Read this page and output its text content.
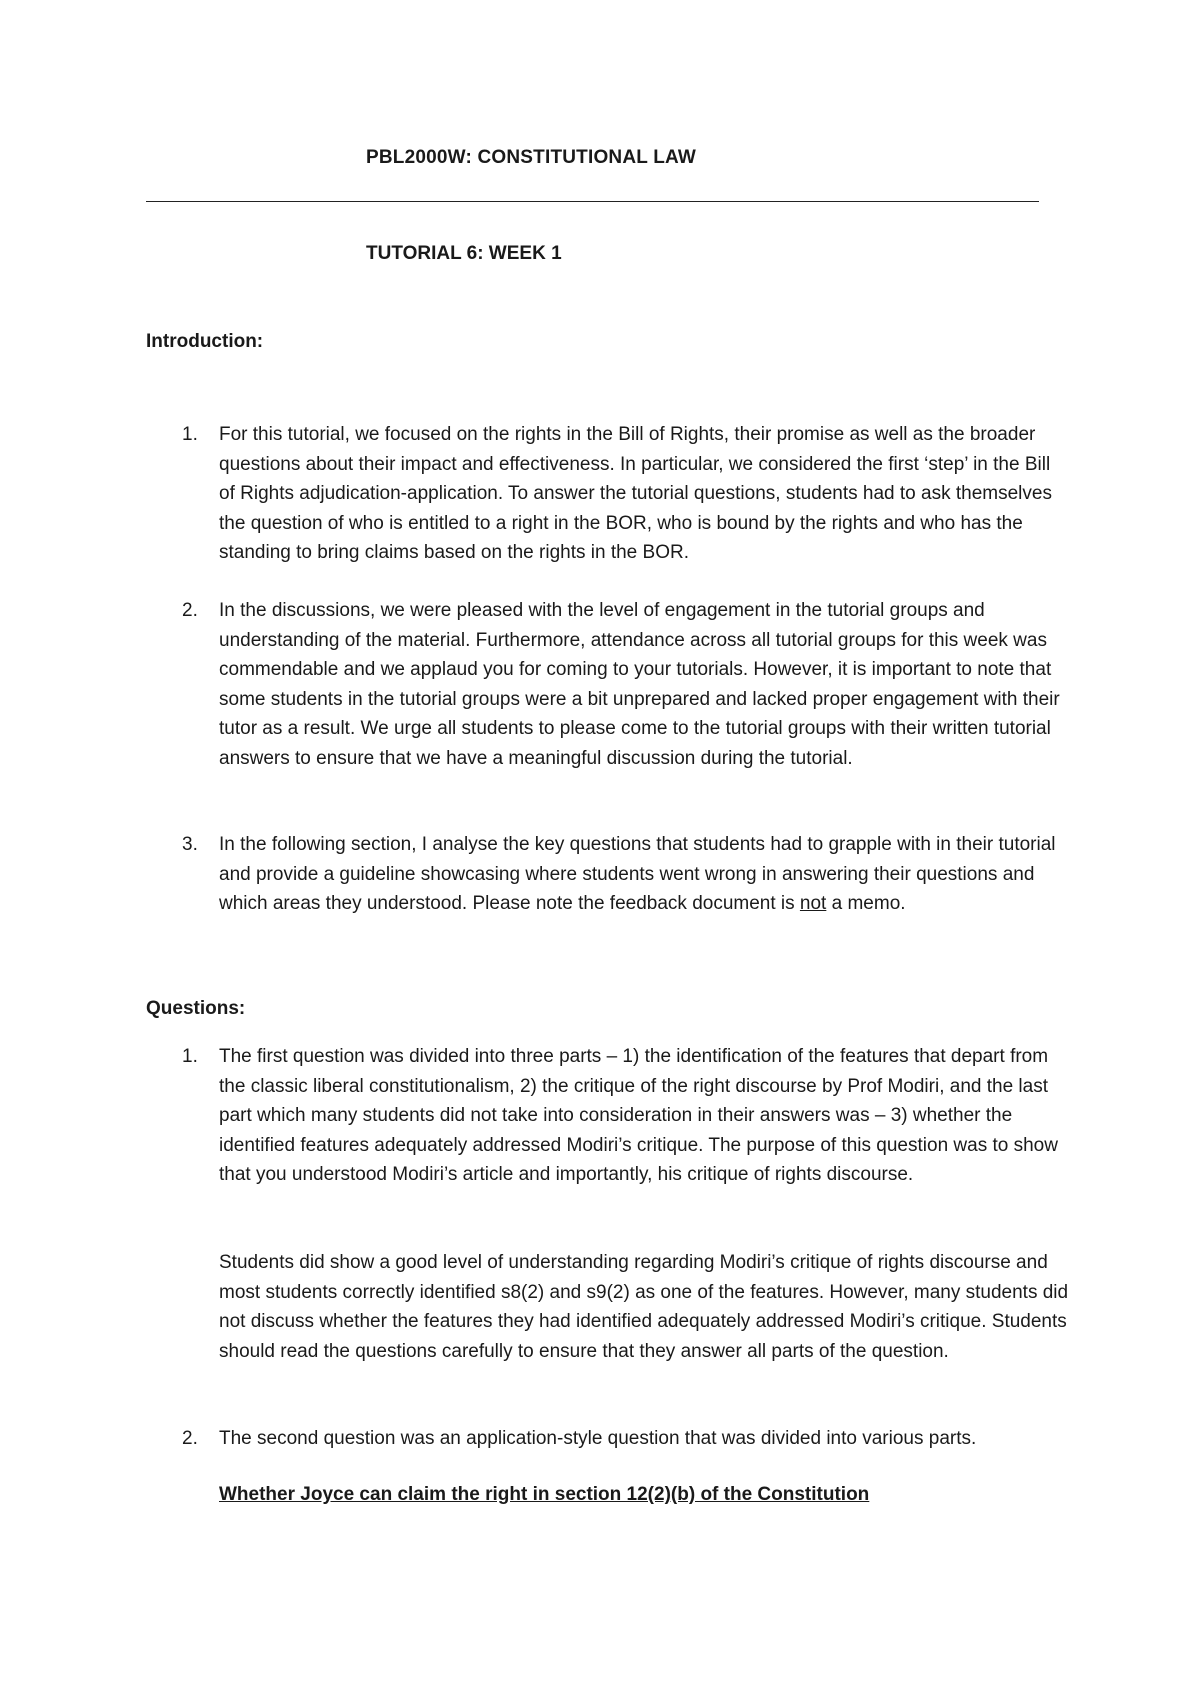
PBL2000W: CONSTITUTIONAL LAW
TUTORIAL 6: WEEK 1
Introduction:
1. For this tutorial, we focused on the rights in the Bill of Rights, their promise as well as the broader questions about their impact and effectiveness. In particular, we considered the first ‘step’ in the Bill of Rights adjudication-application. To answer the tutorial questions, students had to ask themselves the question of who is entitled to a right in the BOR, who is bound by the rights and who has the standing to bring claims based on the rights in the BOR.
2. In the discussions, we were pleased with the level of engagement in the tutorial groups and understanding of the material. Furthermore, attendance across all tutorial groups for this week was commendable and we applaud you for coming to your tutorials. However, it is important to note that some students in the tutorial groups were a bit unprepared and lacked proper engagement with their tutor as a result. We urge all students to please come to the tutorial groups with their written tutorial answers to ensure that we have a meaningful discussion during the tutorial.
3. In the following section, I analyse the key questions that students had to grapple with in their tutorial and provide a guideline showcasing where students went wrong in answering their questions and which areas they understood. Please note the feedback document is not a memo.
Questions:
1. The first question was divided into three parts – 1) the identification of the features that depart from the classic liberal constitutionalism, 2) the critique of the right discourse by Prof Modiri, and the last part which many students did not take into consideration in their answers was – 3) whether the identified features adequately addressed Modiri’s critique. The purpose of this question was to show that you understood Modiri’s article and importantly, his critique of rights discourse.
Students did show a good level of understanding regarding Modiri’s critique of rights discourse and most students correctly identified s8(2) and s9(2) as one of the features. However, many students did not discuss whether the features they had identified adequately addressed Modiri’s critique. Students should read the questions carefully to ensure that they answer all parts of the question.
2. The second question was an application-style question that was divided into various parts.
Whether Joyce can claim the right in section 12(2)(b) of the Constitution
